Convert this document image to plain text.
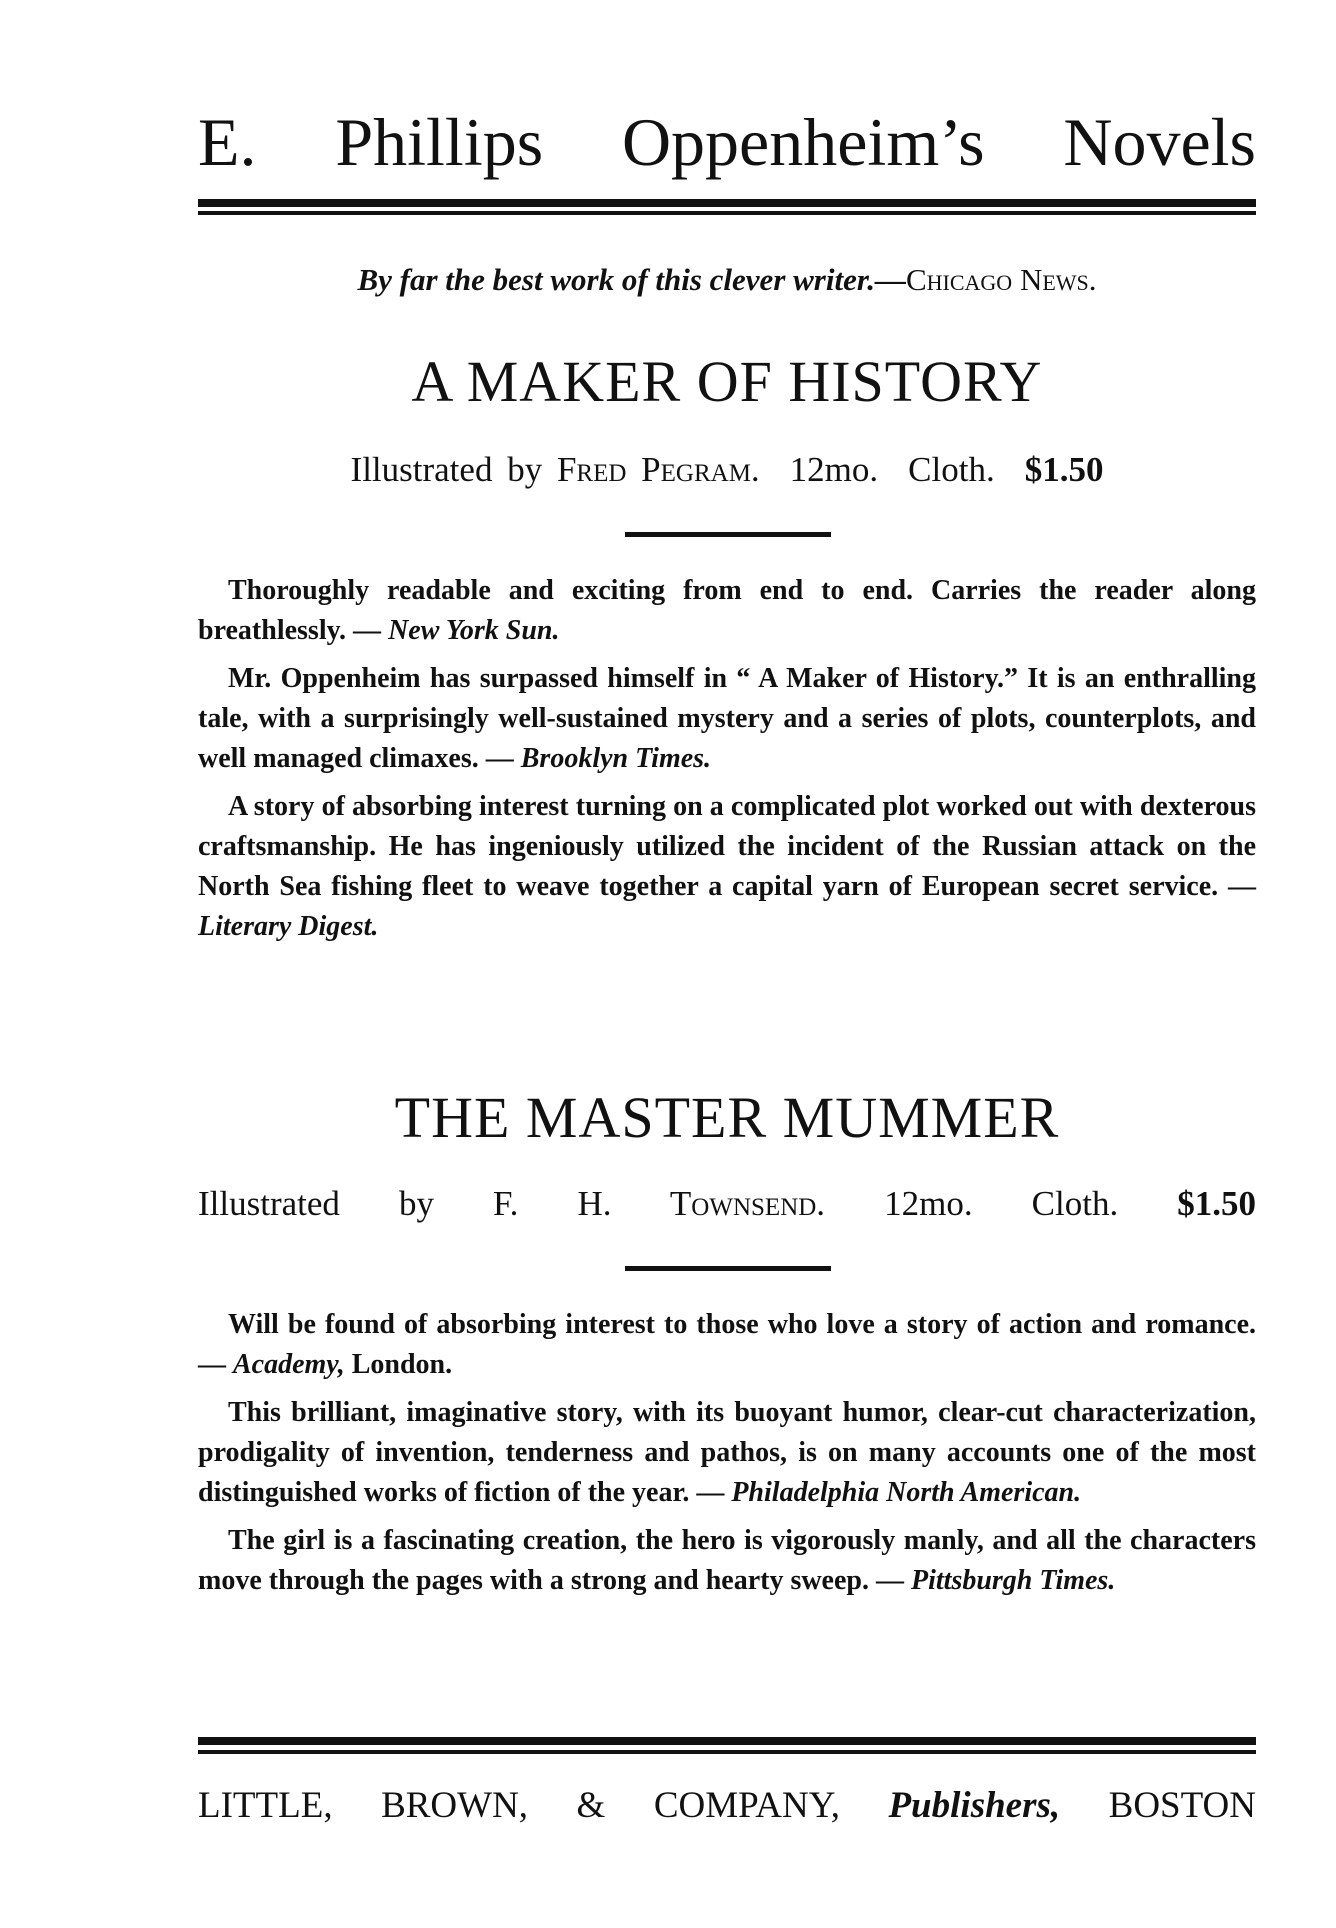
E. Phillips Oppenheim’s Novels
By far the best work of this clever writer.—Chicago News.
A MAKER OF HISTORY
Illustrated by Fred Pegram. 12mo. Cloth. $1.50

Thoroughly readable and exciting from end to end. Carries the reader along breathlessly. — New York Sun.

Mr. Oppenheim has surpassed himself in “ A Maker of History.” It is an enthralling tale, with a surprisingly well-sustained mystery and a series of plots, counterplots, and well managed climaxes. — Brooklyn Times.

A story of absorbing interest turning on a complicated plot worked out with dexterous craftsmanship. He has ingeniously utilized the incident of the Russian attack on the North Sea fishing fleet to weave together a capital yarn of European secret service. — Literary Digest.

THE MASTER MUMMER
Illustrated by F. H. Townsend. 12mo. Cloth. $1.50

Will be found of absorbing interest to those who love a story of action and romance. — Academy, London.

This brilliant, imaginative story, with its buoyant humor, clear-cut characterization, prodigality of invention, tenderness and pathos, is on many accounts one of the most distinguished works of fiction of the year. — Philadelphia North American.

The girl is a fascinating creation, the hero is vigorously manly, and all the characters move through the pages with a strong and hearty sweep. — Pittsburgh Times.

LITTLE, BROWN, & COMPANY, Publishers, BOSTON
